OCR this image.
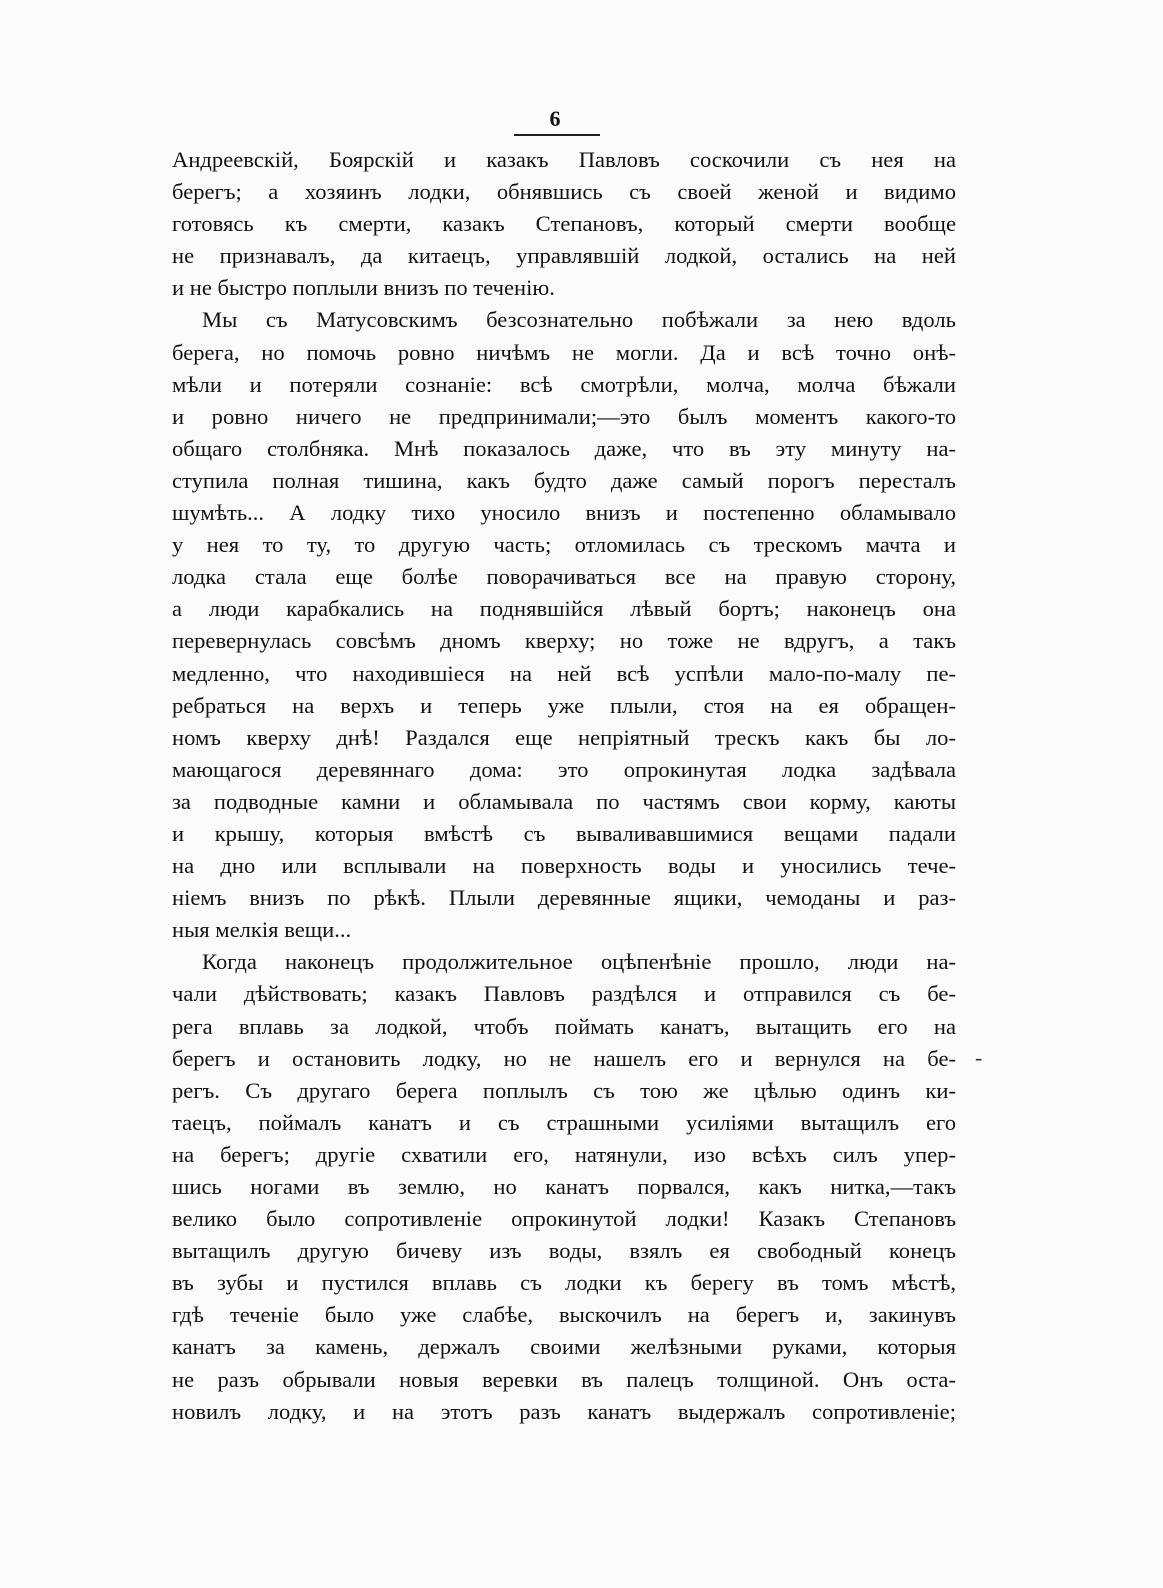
6
Андреевскій, Боярскій и казакъ Павловъ соскочили съ нея на
берегъ; а хозяинъ лодки, обнявшись съ своей женой и видимо
готовясь къ смерти, казакъ Степановъ, который смерти вообще
не признавалъ, да китаецъ, управлявшій лодкой, остались на ней
и не быстро поплыли внизъ по теченію.
Мы съ Матусовскимъ безсознательно побѣжали за нею вдоль
берега, но помочь ровно ничѣмъ не могли. Да и всѣ точно онѣ-
мѣли и потеряли сознаніе: всѣ смотрѣли, молча, молча бѣжали
и ровно ничего не предпринимали;—это былъ моментъ какого-то
общаго столбняка. Мнѣ показалось даже, что въ эту минуту на-
ступила полная тишина, какъ будто даже самый порогъ пересталъ
шумѣть... А лодку тихо уносило внизъ и постепенно обламывало
у нея то ту, то другую часть; отломилась съ трескомъ мачта и
лодка стала еще болѣе поворачиваться все на правую сторону,
а люди карабкались на поднявшійся лѣвый бортъ; наконецъ она
перевернулась совсѣмъ дномъ кверху; но тоже не вдругъ, а такъ
медленно, что находившіеся на ней всѣ успѣли мало-по-малу пе-
ребраться на верхъ и теперь уже плыли, стоя на ея обращен-
номъ кверху днѣ! Раздался еще непріятный трескъ какъ бы ло-
мающагося деревяннаго дома: это опрокинутая лодка задѣвала
за подводные камни и обламывала по частямъ свои корму, каюты
и крышу, которыя вмѣстѣ съ вываливавшимися вещами падали
на дно или всплывали на поверхность воды и уносились тече-
ніемъ внизъ по рѣкѣ. Плыли деревянные ящики, чемоданы и раз-
ныя мелкія вещи...
Когда наконецъ продолжительное оцѣпенѣніе прошло, люди на-
чали дѣйствовать; казакъ Павловъ раздѣлся и отправился съ бе-
рега вплавь за лодкой, чтобъ поймать канатъ, вытащить его на
берегъ и остановить лодку, но не нашелъ его и вернулся на бе-
регъ. Съ другаго берега поплылъ съ тою же цѣлью одинъ ки-
таецъ, поймалъ канатъ и съ страшными усиліями вытащилъ его
на берегъ; другіе схватили его, натянули, изо всѣхъ силъ упер-
шись ногами въ землю, но канатъ порвался, какъ нитка,—такъ
велико было сопротивленіе опрокинутой лодки! Казакъ Степановъ
вытащилъ другую бичеву изъ воды, взялъ ея свободный конецъ
въ зубы и пустился вплавь съ лодки къ берегу въ томъ мѣстѣ,
гдѣ теченіе было уже слабѣе, выскочилъ на берегъ и, закинувъ
канатъ за камень, держалъ своими желѣзными руками, которыя
не разъ обрывали новыя веревки въ палецъ толщиной. Онъ оста-
новилъ лодку, и на этотъ разъ канатъ выдержалъ сопротивленіе;
-
